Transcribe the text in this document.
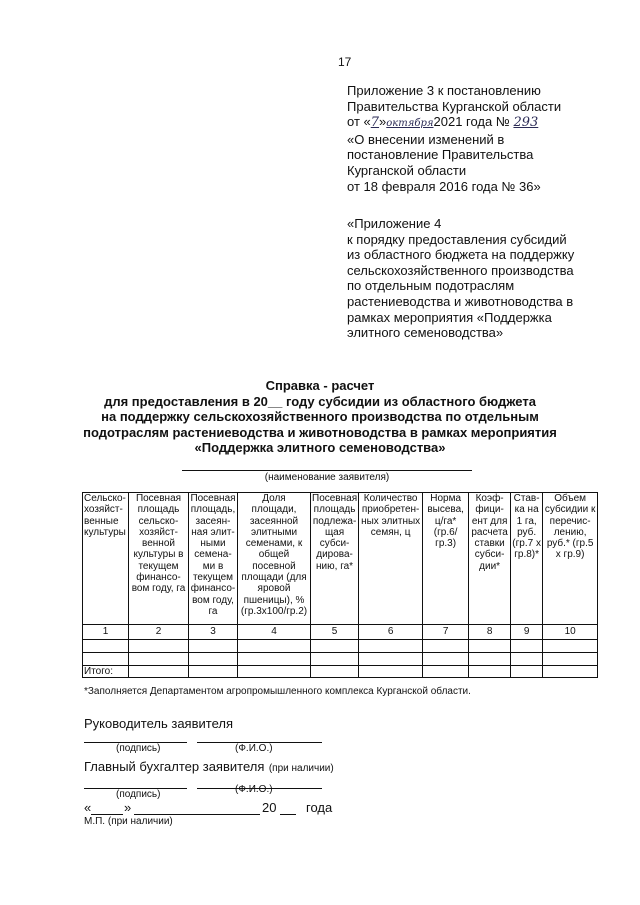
17
Приложение 3 к постановлению
Правительства Курганской области
от «7»октября2021 года № 293
«О внесении изменений в
постановление Правительства
Курганской области
от 18 февраля 2016 года № 36»
«Приложение 4
к порядку предоставления субсидий
из областного бюджета на поддержку
сельскохозяйственного производства
по отдельным подотраслям
растениеводства и животноводства в
рамках мероприятия «Поддержка
элитного семеноводства»
Справка - расчет
для предоставления в 20__ году субсидии из областного бюджета
на поддержку сельскохозяйственного производства по отдельным
подотраслям растениеводства и животноводства в рамках мероприятия
«Поддержка элитного семеноводства»
(наименование заявителя)
Сельско-хозяйст-венные культуры	Посевная площадь сельско-хозяйст-венной культуры в текущем финансо-вом году, га	Посевная площадь, засеян-ная элит-ными семена-ми в текущем финансо-вом году, га	Доля площади, засеянной элитными семенами, к общей посевной площади (для яровой пшеницы), % (гр.3х100/гр.2)	Посевная площадь подлежа-щая субси-дирова-нию, га*	Количество приобретен-ных элитных семян, ц	Норма высева, ц/га* (гр.6/гр.3)	Коэф-фици-ент для расчета ставки субси-дии*	Став-ка на 1 га, руб. (гр.7 х гр.8)*	Объем субсидии к перечис-лению, руб.* (гр.5 х гр.9)
1	2	3	4	5	6	7	8	9	10

Итого:									
*Заполняется Департаментом агропромышленного комплекса Курганской области.
Руководитель заявителя
(подпись)	(Ф.И.О.)
Главный бухгалтер заявителя (при наличии)
(подпись)	(Ф.И.О.)
«	»	20 года
М.П. (при наличии)
